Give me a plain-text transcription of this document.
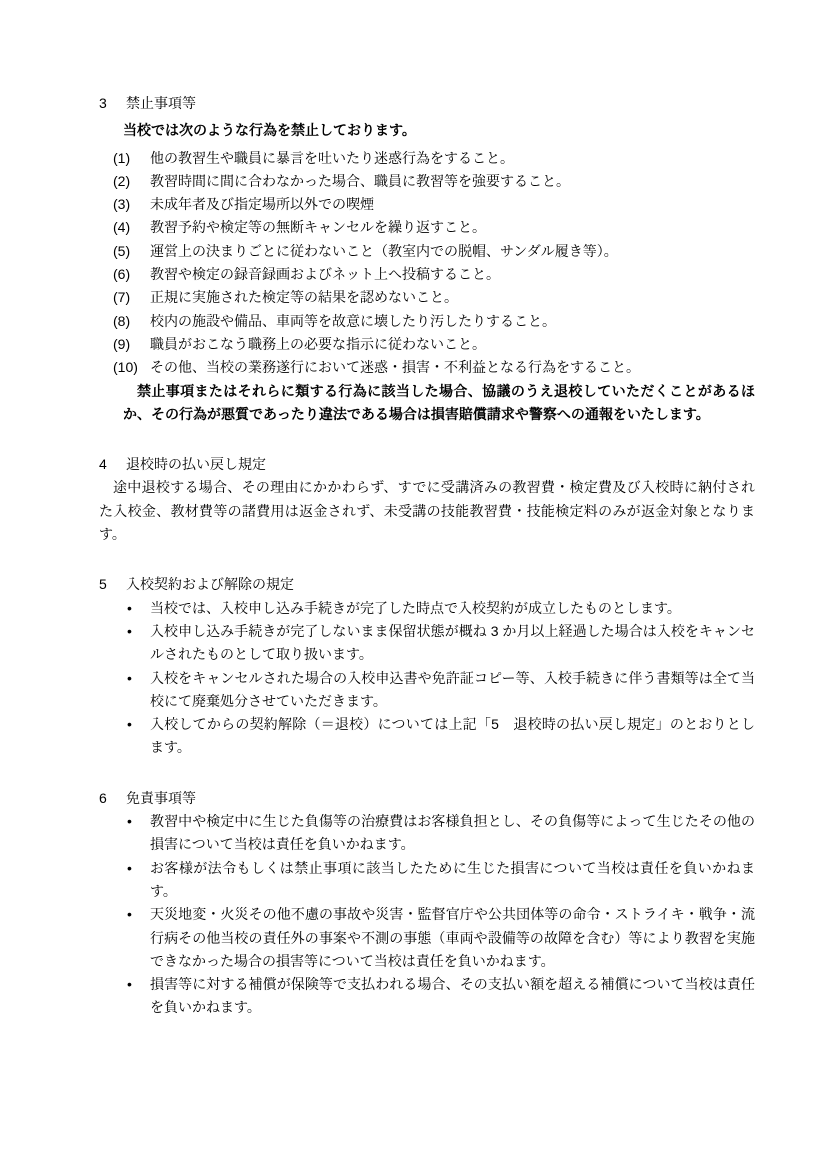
3 禁止事項等

当校では次のような行為を禁止しております。

(1)	他の教習生や職員に暴言を吐いたり迷惑行為をすること。
(2)	教習時間に間に合わなかった場合、職員に教習等を強要すること。
(3)	未成年者及び指定場所以外での喫煙
(4)	教習予約や検定等の無断キャンセルを繰り返すこと。
(5)	運営上の決まりごとに従わないこと（教室内での脱帽、サンダル履き等）。
(6)	教習や検定の録音録画およびネット上へ投稿すること。
(7)	正規に実施された検定等の結果を認めないこと。
(8)	校内の施設や備品、車両等を故意に壊したり汚したりすること。
(9)	職員がおこなう職務上の必要な指示に従わないこと。
(10) その他、当校の業務遂行において迷惑・損害・不利益となる行為をすること。

禁止事項またはそれらに類する行為に該当した場合、協議のうえ退校していただくことがあるほか、その行為が悪質であったり違法である場合は損害賠償請求や警察への通報をいたします。

4 退校時の払い戻し規定

途中退校する場合、その理由にかかわらず、すでに受講済みの教習費・検定費及び入校時に納付された入校金、教材費等の諸費用は返金されず、未受講の技能教習費・技能検定料のみが返金対象となります。

5 入校契約および解除の規定
•	当校では、入校申し込み手続きが完了した時点で入校契約が成立したものとします。
•	入校申し込み手続きが完了しないまま保留状態が概ね 3 か月以上経過した場合は入校をキャンセルされたものとして取り扱います。
•	入校をキャンセルされた場合の入校申込書や免許証コピー等、入校手続きに伴う書類等は全て当校にて廃棄処分させていただきます。
•	入校してからの契約解除（＝退校）については上記「5　退校時の払い戻し規定」のとおりとします。
6 免責事項等
•	教習中や検定中に生じた負傷等の治療費はお客様負担とし、その負傷等によって生じたその他の損害について当校は責任を負いかねます。
•	お客様が法令もしくは禁止事項に該当したために生じた損害について当校は責任を負いかねます。
•	天災地変・火災その他不慮の事故や災害・監督官庁や公共団体等の命令・ストライキ・戦争・流行病その他当校の責任外の事案や不測の事態（車両や設備等の故障を含む）等により教習を実施できなかった場合の損害等について当校は責任を負いかねます。
•	損害等に対する補償が保険等で支払われる場合、その支払い額を超える補償について当校は責任を負いかねます。
